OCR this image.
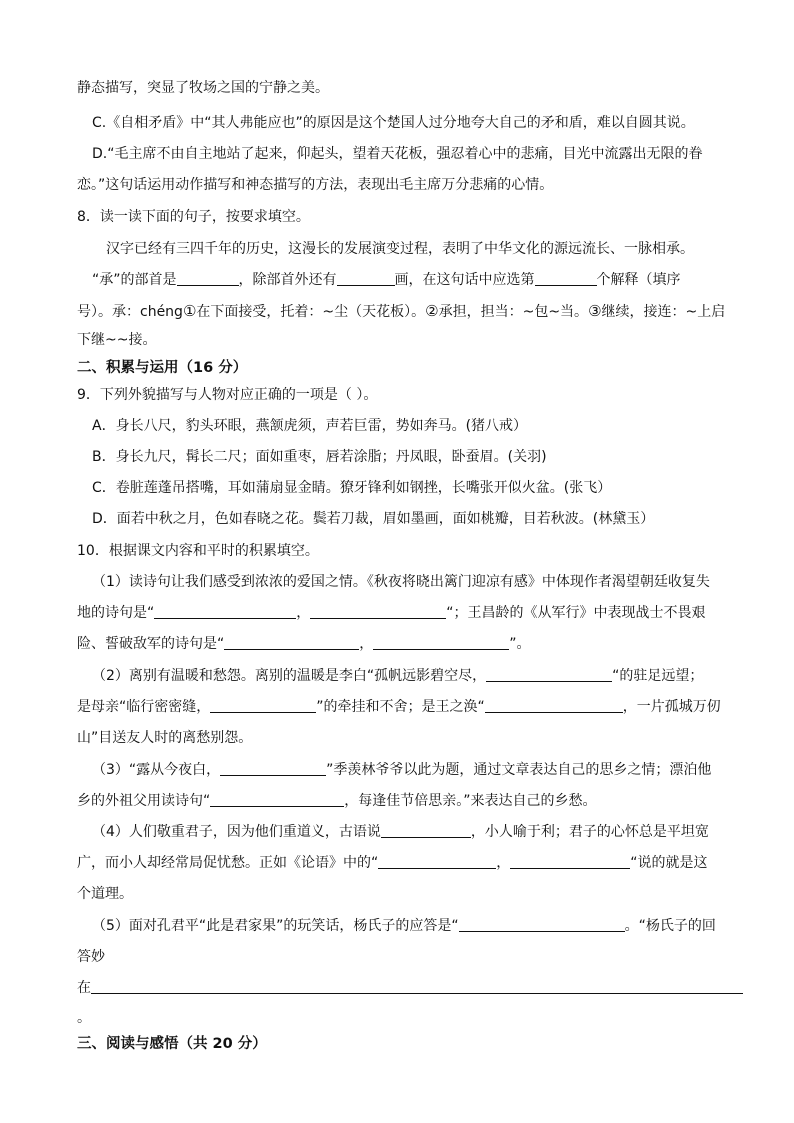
静态描写，突显了牧场之国的宁静之美。
C.《自相矛盾》中“其人弗能应也”的原因是这个楚国人过分地夸大自己的矛和盾，难以自圆其说。
D.“毛主席不由自主地站了起来，仰起头，望着天花板，强忍着心中的悲痛，目光中流露出无限的眷
恋。”这句话运用动作描写和神态描写的方法，表现出毛主席万分悲痛的心情。
8．读一读下面的句子，按要求填空。
汉字已经有三四千年的历史，这漫长的发展演变过程，表明了中华文化的源远流长、一脉相承。
“承”的部首是	，除部首外还有	画，在这句话中应选第	个解释（填序
号）。承：chéng①在下面接受，托着：~尘（天花板）。②承担，担当：~包~当。③继续，接连：~上启
下继~~接。
二、积累与运用（16 分）
9．下列外貌描写与人物对应正确的一项是（ ）。
A．身长八尺，豹头环眼，燕颔虎须，声若巨雷，势如奔马。(猪八戒）
B．身长九尺，髯长二尺；面如重枣，唇若涂脂；丹凤眼，卧蚕眉。(关羽)
C．卷脏莲蓬吊搭嘴，耳如蒲扇显金睛。獠牙锋利如钢挫，长嘴张开似火盆。(张飞）
D．面若中秋之月，色如春晓之花。鬓若刀裁，眉如墨画，面如桃瓣，目若秋波。(林黛玉）
10．根据课文内容和平时的积累填空。
（1）读诗句让我们感受到浓浓的爱国之情。《秋夜将晓出篱门迎凉有感》中体现作者渴望朝廷收复失
地的诗句是“	，	“；王昌龄的《从军行》中表现战士不畏艰
险、誓破敌军的诗句是“	，	”。
（2）离别有温暖和愁怨。离别的温暖是李白“孤帆远影碧空尽，	“的驻足远望；
是母亲“临行密密缝，	”的牵挂和不舍；是王之涣“	，一片孤城万仞
山”目送友人时的离愁别怨。
（3）“露从今夜白，	”季羡林爷爷以此为题，通过文章表达自己的思乡之情；漂泊他
乡的外祖父用读诗句“	，每逢佳节倍思亲。”来表达自己的乡愁。
（4）人们敬重君子，因为他们重道义，古语说	，小人喻于利；君子的心怀总是平坦宽
广，而小人却经常局促忧愁。正如《论语》中的“	，	“说的就是这
个道理。
（5）面对孔君平“此是君家果”的玩笑话，杨氏子的应答是“	。“杨氏子的回
答妙
在
。
三、阅读与感悟（共 20 分）
